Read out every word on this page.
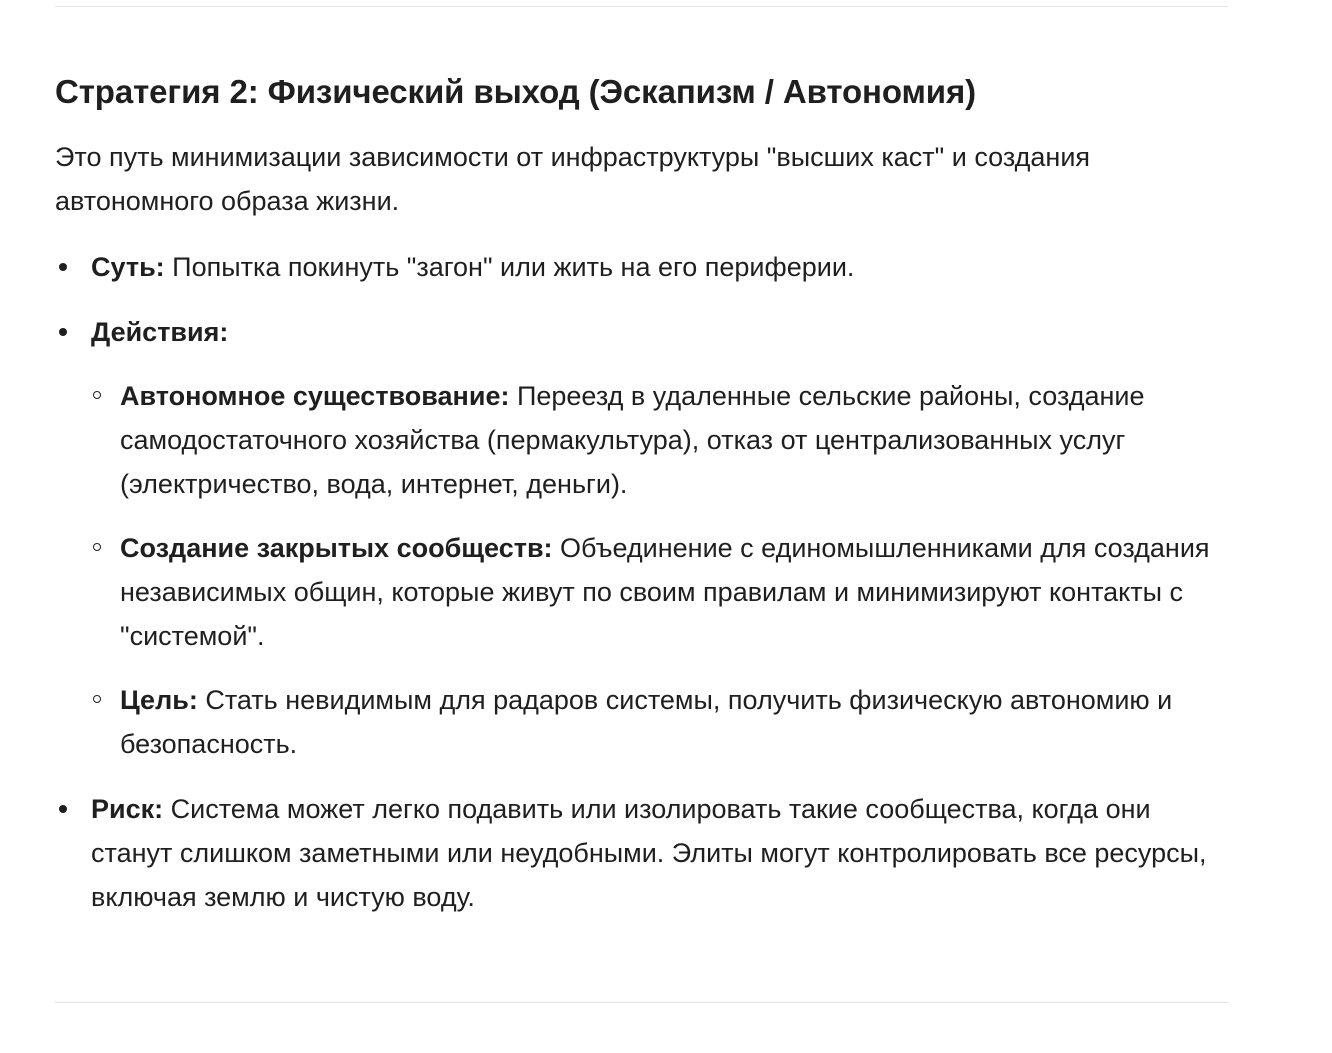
Стратегия 2: Физический выход (Эскапизм / Автономия)

Это путь минимизации зависимости от инфраструктуры "высших каст" и создания автономного образа жизни.

Суть: Попытка покинуть "загон" или жить на его периферии.
Действия:
Автономное существование: Переезд в удаленные сельские районы, создание самодостаточного хозяйства (пермакультура), отказ от централизованных услуг (электричество, вода, интернет, деньги).
Создание закрытых сообществ: Объединение с единомышленниками для создания независимых общин, которые живут по своим правилам и минимизируют контакты с "системой".
Цель: Стать невидимым для радаров системы, получить физическую автономию и безопасность.
Риск: Система может легко подавить или изолировать такие сообщества, когда они станут слишком заметными или неудобными. Элиты могут контролировать все ресурсы, включая землю и чистую воду.
